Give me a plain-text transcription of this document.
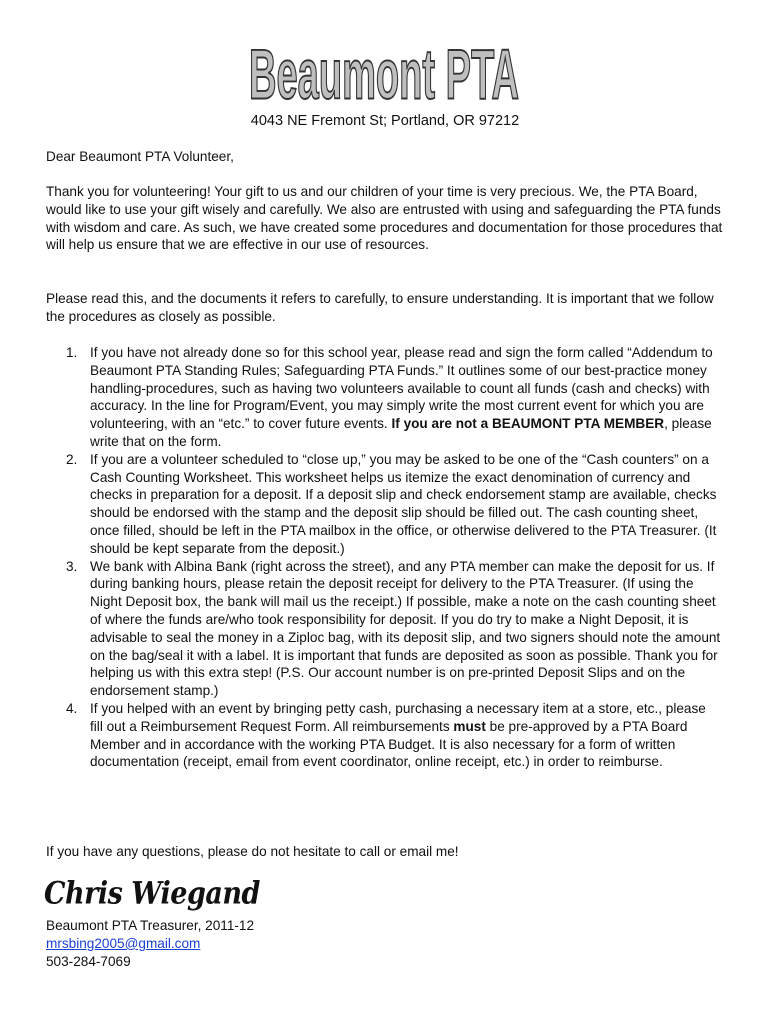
Beaumont PTA
4043 NE Fremont St; Portland, OR 97212
Dear Beaumont PTA Volunteer,
Thank you for volunteering! Your gift to us and our children of your time is very precious. We, the PTA Board, would like to use your gift wisely and carefully. We also are entrusted with using and safeguarding the PTA funds with wisdom and care. As such, we have created some procedures and documentation for those procedures that will help us ensure that we are effective in our use of resources.
Please read this, and the documents it refers to carefully, to ensure understanding. It is important that we follow the procedures as closely as possible.
1. If you have not already done so for this school year, please read and sign the form called “Addendum to Beaumont PTA Standing Rules; Safeguarding PTA Funds.” It outlines some of our best-practice money handling-procedures, such as having two volunteers available to count all funds (cash and checks) with accuracy. In the line for Program/Event, you may simply write the most current event for which you are volunteering, with an “etc.” to cover future events. If you are not a BEAUMONT PTA MEMBER, please write that on the form.
2. If you are a volunteer scheduled to “close up,” you may be asked to be one of the “Cash counters” on a Cash Counting Worksheet. This worksheet helps us itemize the exact denomination of currency and checks in preparation for a deposit. If a deposit slip and check endorsement stamp are available, checks should be endorsed with the stamp and the deposit slip should be filled out. The cash counting sheet, once filled, should be left in the PTA mailbox in the office, or otherwise delivered to the PTA Treasurer. (It should be kept separate from the deposit.)
3. We bank with Albina Bank (right across the street), and any PTA member can make the deposit for us. If during banking hours, please retain the deposit receipt for delivery to the PTA Treasurer. (If using the Night Deposit box, the bank will mail us the receipt.) If possible, make a note on the cash counting sheet of where the funds are/who took responsibility for deposit. If you do try to make a Night Deposit, it is advisable to seal the money in a Ziploc bag, with its deposit slip, and two signers should note the amount on the bag/seal it with a label. It is important that funds are deposited as soon as possible. Thank you for helping us with this extra step! (P.S. Our account number is on pre-printed Deposit Slips and on the endorsement stamp.)
4. If you helped with an event by bringing petty cash, purchasing a necessary item at a store, etc., please fill out a Reimbursement Request Form. All reimbursements must be pre-approved by a PTA Board Member and in accordance with the working PTA Budget. It is also necessary for a form of written documentation (receipt, email from event coordinator, online receipt, etc.) in order to reimburse.
If you have any questions, please do not hesitate to call or email me!
Chris Wiegand
Beaumont PTA Treasurer, 2011-12
mrsbing2005@gmail.com
503-284-7069
